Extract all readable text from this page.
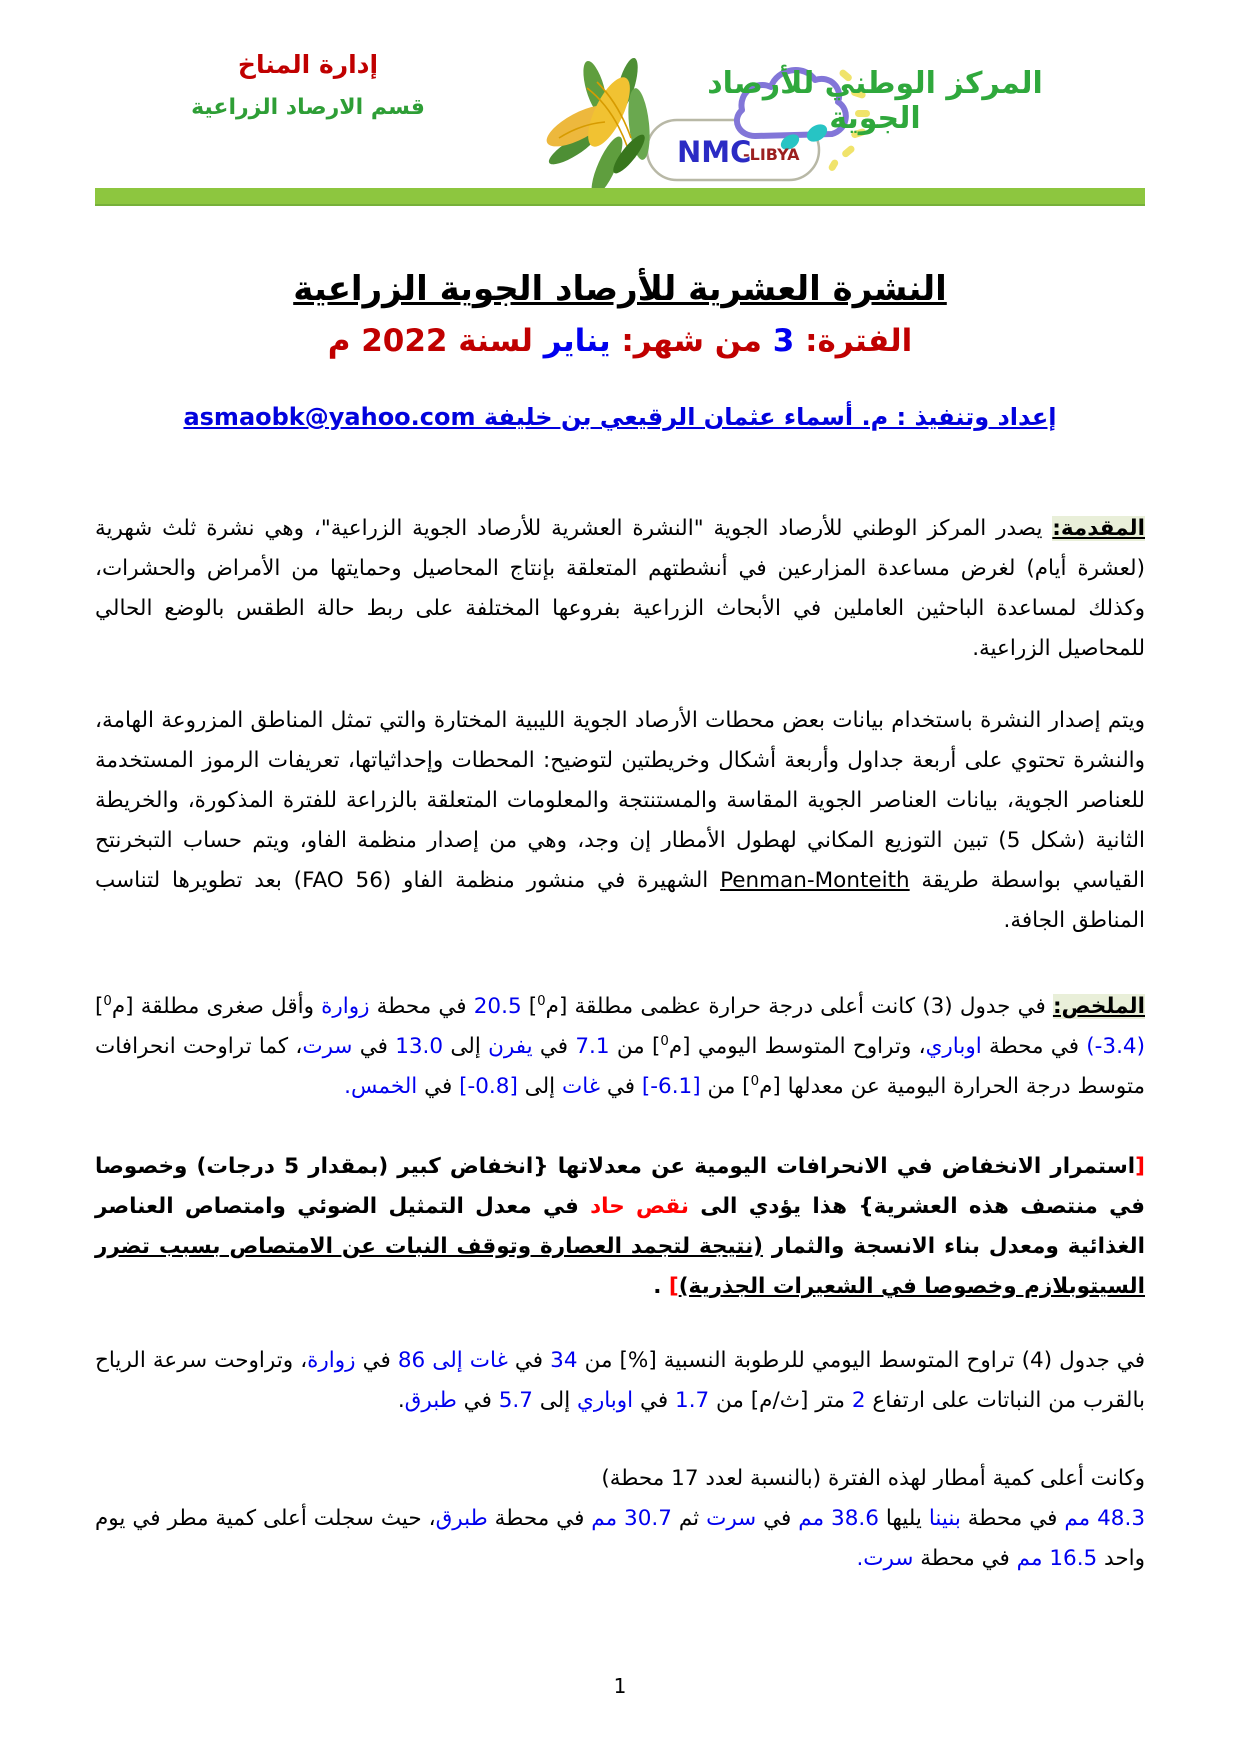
إدارة المناخ
قسم الارصاد الزراعية
NMC
-LIBYA
المركز الوطني للأرصاد الجوية
النشرة العشرية للأرصاد الجوية الزراعية
الفترة: 3 من شهر: يناير لسنة 2022 م
إعداد وتنفيذ : م. أسماء عثمان الرقيعي بن خليفة asmaobk@yahoo.com

المقدمة: يصدر المركز الوطني للأرصاد الجوية "النشرة العشرية للأرصاد الجوية الزراعية"، وهي نشرة ثلث شهرية (لعشرة أيام) لغرض مساعدة المزارعين في أنشطتهم المتعلقة بإنتاج المحاصيل وحمايتها من الأمراض والحشرات، وكذلك لمساعدة الباحثين العاملين في الأبحاث الزراعية بفروعها المختلفة على ربط حالة الطقس بالوضع الحالي للمحاصيل الزراعية.

ويتم إصدار النشرة باستخدام بيانات بعض محطات الأرصاد الجوية الليبية المختارة والتي تمثل المناطق المزروعة الهامة، والنشرة تحتوي على أربعة جداول وأربعة أشكال وخريطتين لتوضيح: المحطات وإحداثياتها، تعريفات الرموز المستخدمة للعناصر الجوية، بيانات العناصر الجوية المقاسة والمستنتجة والمعلومات المتعلقة بالزراعة للفترة المذكورة، والخريطة الثانية (شكل 5) تبين التوزيع المكاني لهطول الأمطار إن وجد، وهي من إصدار منظمة الفاو، ويتم حساب التبخرنتح القياسي بواسطة طريقة Penman-Monteith الشهيرة في منشور منظمة الفاو (FAO 56) بعد تطويرها لتناسب المناطق الجافة.

الملخص: في جدول (3) كانت أعلى درجة حرارة عظمى مطلقة [م$^0$] 20.5 في محطة زوارة وأقل صغرى مطلقة [م$^0$] (-3.4) في محطة اوباري، وتراوح المتوسط اليومي [م$^0$] من 7.1 في يفرن إلى 13.0 في سرت، كما تراوحت انحرافات متوسط درجة الحرارة اليومية عن معدلها [م$^0$] من [-6.1] في غات إلى [-0.8] في الخمس.

[استمرار الانخفاض في الانحرافات اليومية عن معدلاتها {انخفاض كبير (بمقدار 5 درجات) وخصوصا في منتصف هذه العشرية} هذا يؤدي الى نقص حاد في معدل التمثيل الضوئي وامتصاص العناصر الغذائية ومعدل بناء الانسجة والثمار (نتيجة لتجمد العصارة وتوقف النبات عن الامتصاص بسبب تضرر السيتوبلازم وخصوصا في الشعيرات الجذرية)] .

في جدول (4) تراوح المتوسط اليومي للرطوبة النسبية [%] من 34 في غات إلى 86 في زوارة، وتراوحت سرعة الرياح بالقرب من النباتات على ارتفاع 2 متر [م/ث] من 1.7 في اوباري إلى 5.7 في طبرق.

وكانت أعلى كمية أمطار لهذه الفترة (بالنسبة لعدد 17 محطة)
48.3 مم في محطة بنينا يليها 38.6 مم في سرت ثم 30.7 مم في محطة طبرق، حيث سجلت أعلى كمية مطر في يوم واحد 16.5 مم في محطة سرت.

1
